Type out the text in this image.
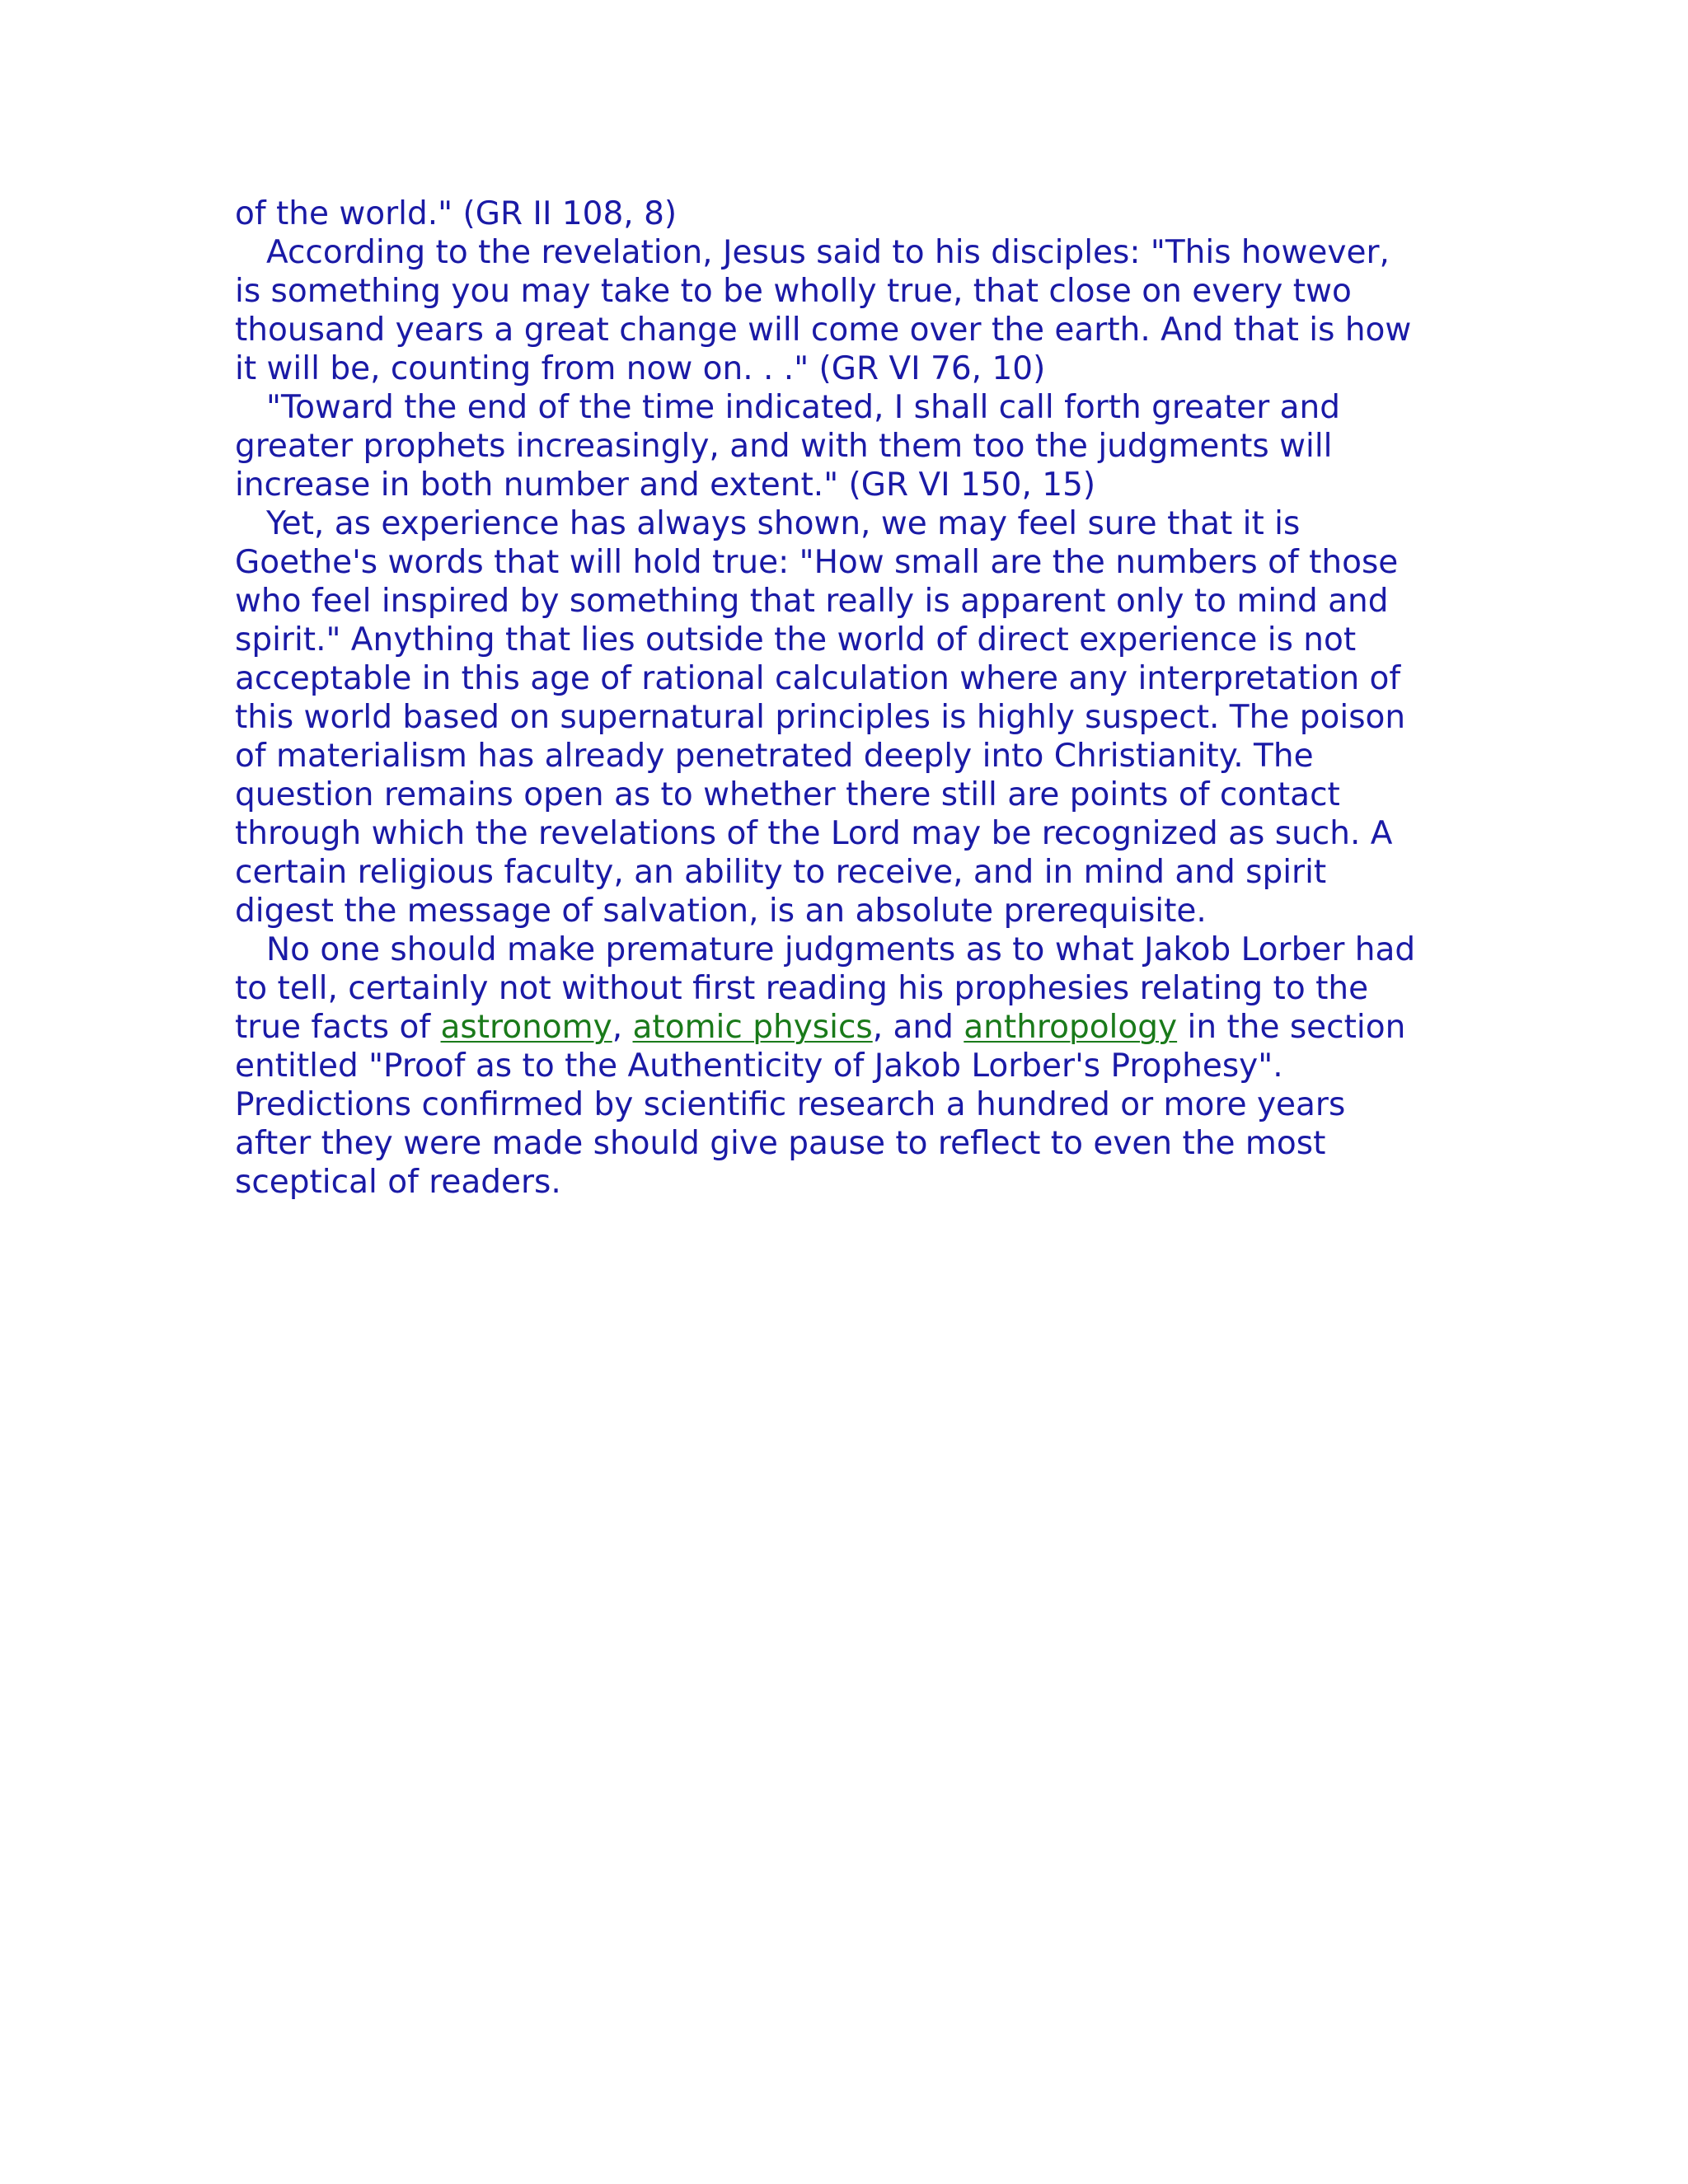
of the world." (GR II 108, 8)

According to the revelation, Jesus said to his disciples: "This however,
is something you may take to be wholly true, that close on every two
thousand years a great change will come over the earth. And that is how
it will be, counting from now on. . ." (GR VI 76, 10)

"Toward the end of the time indicated, I shall call forth greater and
greater prophets increasingly, and with them too the judgments will
increase in both number and extent." (GR VI 150, 15)

Yet, as experience has always shown, we may feel sure that it is
Goethe's words that will hold true: "How small are the numbers of those
who feel inspired by something that really is apparent only to mind and
spirit." Anything that lies outside the world of direct experience is not
acceptable in this age of rational calculation where any interpretation of
this world based on supernatural principles is highly suspect. The poison
of materialism has already penetrated deeply into Christianity. The
question remains open as to whether there still are points of contact
through which the revelations of the Lord may be recognized as such. A
certain religious faculty, an ability to receive, and in mind and spirit
digest the message of salvation, is an absolute prerequisite.

No one should make premature judgments as to what Jakob Lorber had
to tell, certainly not without first reading his prophesies relating to the
true facts of astronomy, atomic physics, and anthropology in the section
entitled "Proof as to the Authenticity of Jakob Lorber's Prophesy".
Predictions confirmed by scientific research a hundred or more years
after they were made should give pause to reflect to even the most
sceptical of readers.
